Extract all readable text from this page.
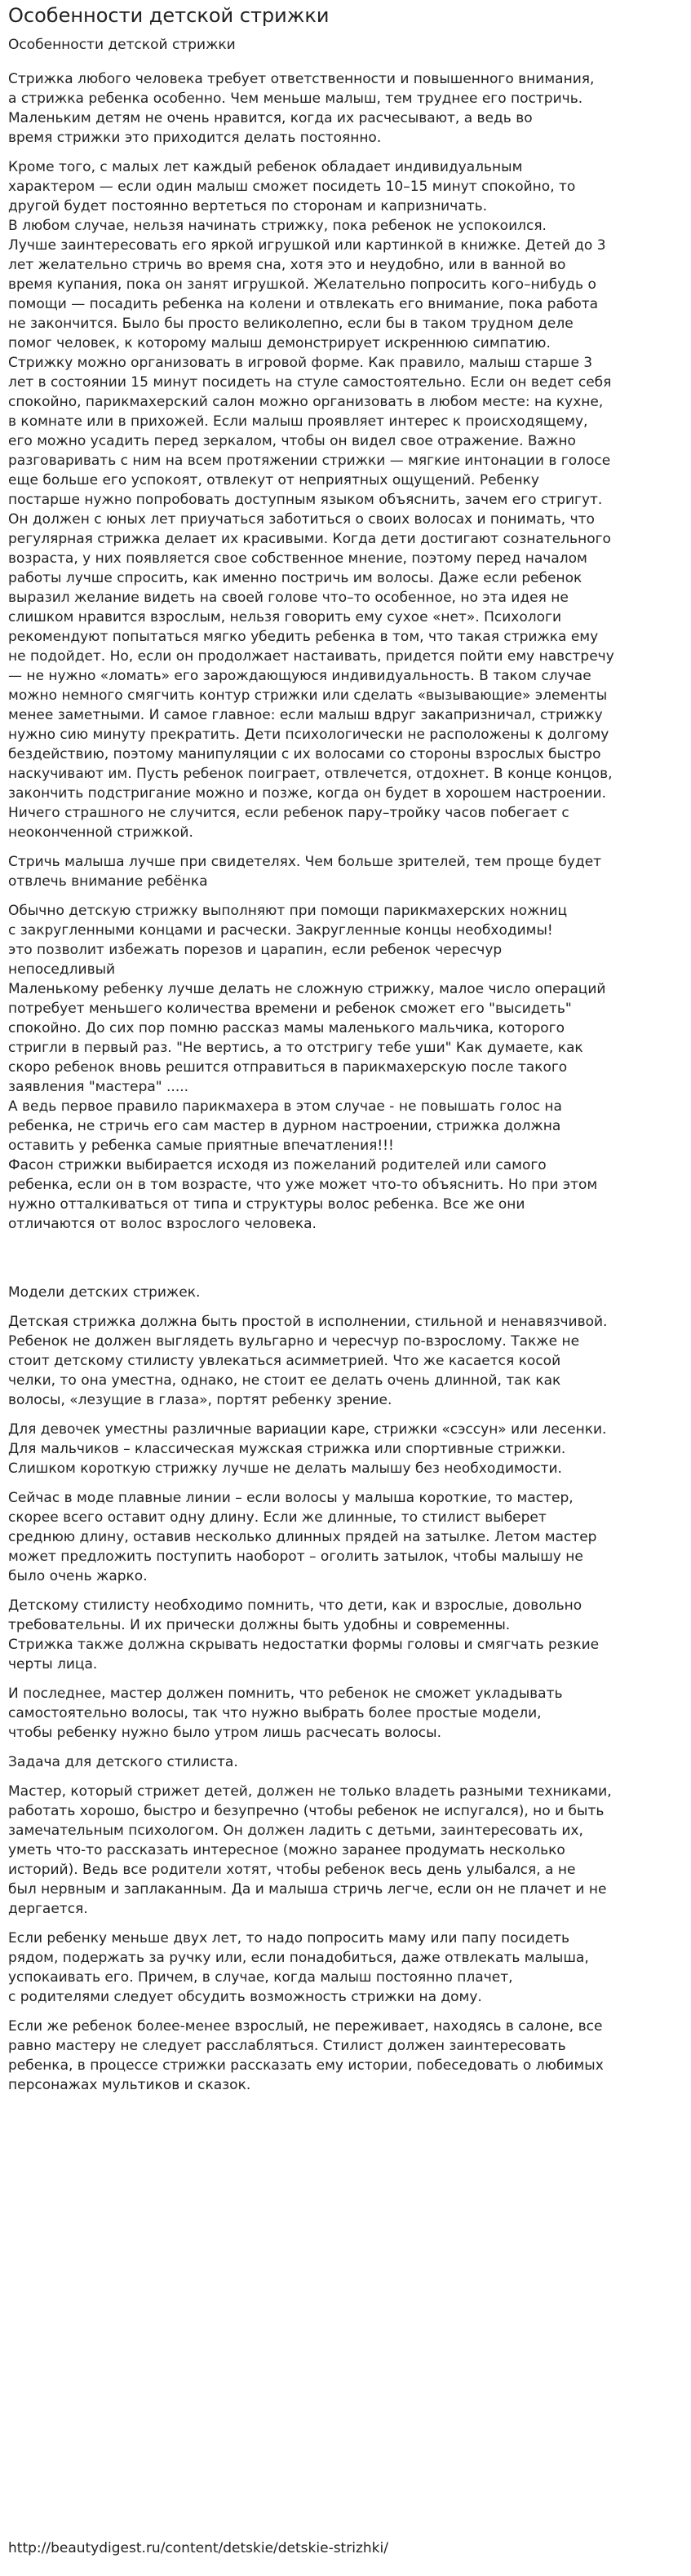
Особенности детской стрижки
Особенности детской стрижки
Стрижка любого человека требует ответственности и повышенного внимания,
а стрижка ребенка особенно. Чем меньше малыш, тем труднее его постричь.
Маленьким детям не очень нравится, когда их расчесывают, а ведь во
время стрижки это приходится делать постоянно.
Кроме того, с малых лет каждый ребенок обладает индивидуальным
характером — если один малыш сможет посидеть 10–15 минут спокойно, то
другой будет постоянно вертеться по сторонам и капризничать.
В любом случае, нельзя начинать стрижку, пока ребенок не успокоился.
Лучше заинтересовать его яркой игрушкой или картинкой в книжке. Детей до 3
лет желательно стричь во время сна, хотя это и неудобно, или в ванной во
время купания, пока он занят игрушкой. Желательно попросить кого–нибудь о
помощи — посадить ребенка на колени и отвлекать его внимание, пока работа
не закончится. Было бы просто великолепно, если бы в таком трудном деле
помог человек, к которому малыш демонстрирует искреннюю симпатию.
Стрижку можно организовать в игровой форме. Как правило, малыш старше 3
лет в состоянии 15 минут посидеть на стуле самостоятельно. Если он ведет себя
спокойно, парикмахерский салон можно организовать в любом месте: на кухне,
в комнате или в прихожей. Если малыш проявляет интерес к происходящему,
его можно усадить перед зеркалом, чтобы он видел свое отражение. Важно
разговаривать с ним на всем протяжении стрижки — мягкие интонации в голосе
еще больше его успокоят, отвлекут от неприятных ощущений. Ребенку
постарше нужно попробовать доступным языком объяснить, зачем его стригут.
Он должен с юных лет приучаться заботиться о своих волосах и понимать, что
регулярная стрижка делает их красивыми. Когда дети достигают сознательного
возраста, у них появляется свое собственное мнение, поэтому перед началом
работы лучше спросить, как именно постричь им волосы. Даже если ребенок
выразил желание видеть на своей голове что–то особенное, но эта идея не
слишком нравится взрослым, нельзя говорить ему сухое «нет». Психологи
рекомендуют попытаться мягко убедить ребенка в том, что такая стрижка ему
не подойдет. Но, если он продолжает настаивать, придется пойти ему навстречу
— не нужно «ломать» его зарождающуюся индивидуальность. В таком случае
можно немного смягчить контур стрижки или сделать «вызывающие» элементы
менее заметными. И самое главное: если малыш вдруг закапризничал, стрижку
нужно сию минуту прекратить. Дети психологически не расположены к долгому
бездействию, поэтому манипуляции с их волосами со стороны взрослых быстро
наскучивают им. Пусть ребенок поиграет, отвлечется, отдохнет. В конце концов,
закончить подстригание можно и позже, когда он будет в хорошем настроении.
Ничего страшного не случится, если ребенок пару–тройку часов побегает с
неоконченной стрижкой.
Стричь малыша лучше при свидетелях. Чем больше зрителей, тем проще будет
отвлечь внимание ребёнка
Обычно детскую стрижку выполняют при помощи парикмахерских ножниц
с закругленными концами и расчески. Закругленные концы необходимы!
это позволит избежать порезов и царапин, если ребенок чересчур
непоседливый
Маленькому ребенку лучше делать не сложную стрижку, малое число операций
потребует меньшего количества времени и ребенок сможет его "высидеть"
спокойно. До сих пор помню рассказ мамы маленького мальчика, которого
стригли в первый раз. "Не вертись, а то отстригу тебе уши" Как думаете, как
скоро ребенок вновь решится отправиться в парикмахерскую после такого
заявления "мастера" .....
А ведь первое правило парикмахера в этом случае - не повышать голос на
ребенка, не стричь его сам мастер в дурном настроении, стрижка должна
оставить у ребенка самые приятные впечатления!!!
Фасон стрижки выбирается исходя из пожеланий родителей или самого
ребенка, если он в том возрасте, что уже может что-то объяснить. Но при этом
нужно отталкиваться от типа и структуры волос ребенка. Все же они
отличаются от волос взрослого человека.

Модели детских стрижек.
Детская стрижка должна быть простой в исполнении, стильной и ненавязчивой.
Ребенок не должен выглядеть вульгарно и чересчур по-взрослому. Также не
стоит детскому стилисту увлекаться асимметрией. Что же касается косой
челки, то она уместна, однако, не стоит ее делать очень длинной, так как
волосы, «лезущие в глаза», портят ребенку зрение.
Для девочек уместны различные вариации каре, стрижки «сэссун» или лесенки.
Для мальчиков – классическая мужская стрижка или спортивные стрижки.
Слишком короткую стрижку лучше не делать малышу без необходимости.
Сейчас в моде плавные линии – если волосы у малыша короткие, то мастер,
скорее всего оставит одну длину. Если же длинные, то стилист выберет
среднюю длину, оставив несколько длинных прядей на затылке. Летом мастер
может предложить поступить наоборот – оголить затылок, чтобы малышу не
было очень жарко.
Детскому стилисту необходимо помнить, что дети, как и взрослые, довольно
требовательны. И их прически должны быть удобны и современны.
Стрижка также должна скрывать недостатки формы головы и смягчать резкие
черты лица.
И последнее, мастер должен помнить, что ребенок не сможет укладывать
самостоятельно волосы, так что нужно выбрать более простые модели,
чтобы ребенку нужно было утром лишь расчесать волосы.
Задача для детского стилиста.
Мастер, который стрижет детей, должен не только владеть разными техниками,
работать хорошо, быстро и безупречно (чтобы ребенок не испугался), но и быть
замечательным психологом. Он должен ладить с детьми, заинтересовать их,
уметь что-то рассказать интересное (можно заранее продумать несколько
историй). Ведь все родители хотят, чтобы ребенок весь день улыбался, а не
был нервным и заплаканным. Да и малыша стричь легче, если он не плачет и не
дергается.
Если ребенку меньше двух лет, то надо попросить маму или папу посидеть
рядом, подержать за ручку или, если понадобиться, даже отвлекать малыша,
успокаивать его. Причем, в случае, когда малыш постоянно плачет,
с родителями следует обсудить возможность стрижки на дому.
Если же ребенок более-менее взрослый, не переживает, находясь в салоне, все
равно мастеру не следует расслабляться. Стилист должен заинтересовать
ребенка, в процессе стрижки рассказать ему истории, побеседовать о любимых
персонажах мультиков и сказок.
http://beautydigest.ru/content/detskie/detskie-strizhki/
